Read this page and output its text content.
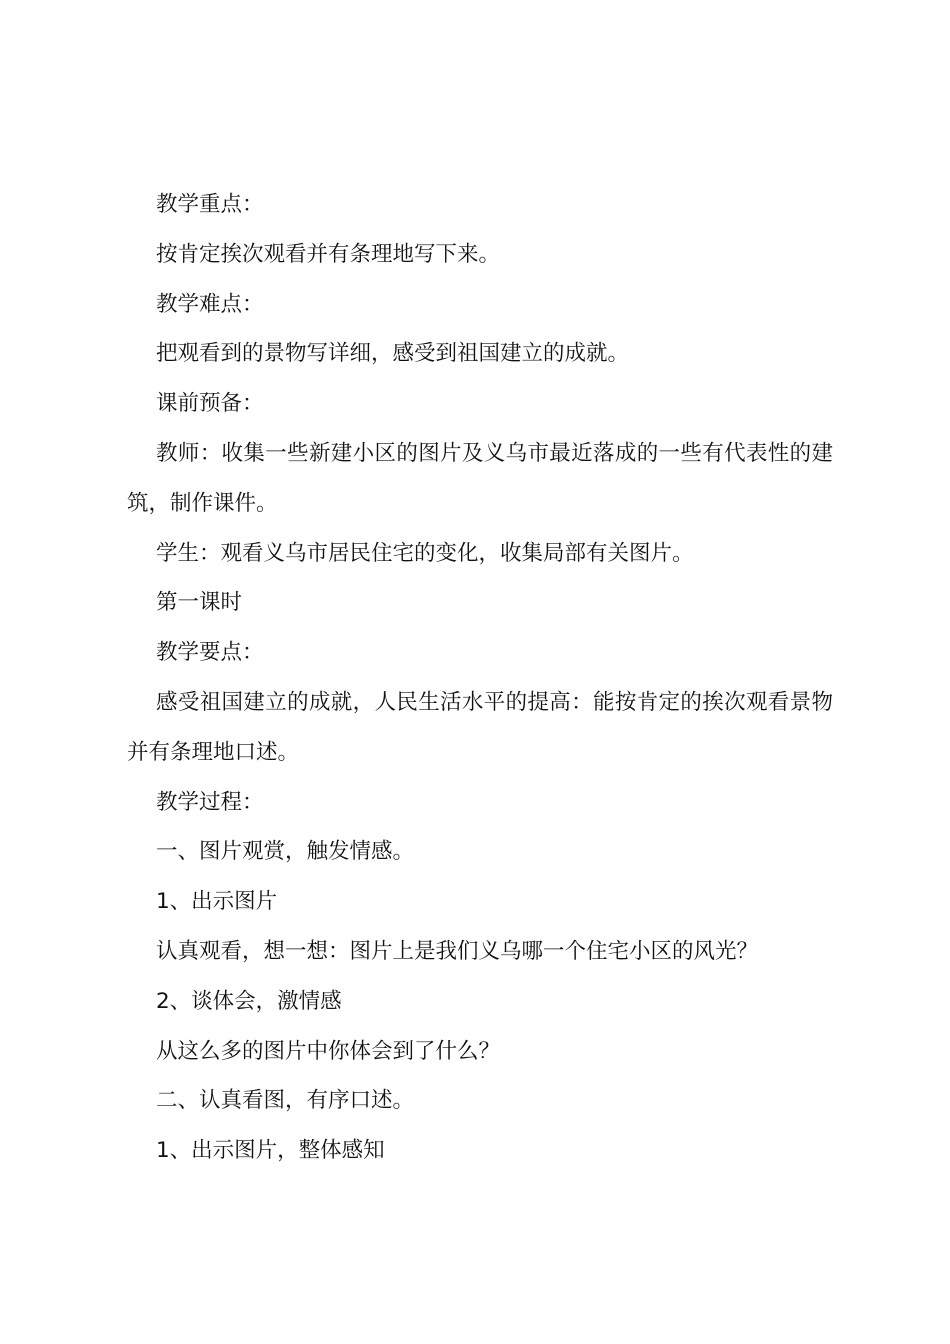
教学重点：

按肯定挨次观看并有条理地写下来。

教学难点：

把观看到的景物写详细，感受到祖国建立的成就。

课前预备：

教师：收集一些新建小区的图片及义乌市最近落成的一些有代表性的建筑，制作课件。

学生：观看义乌市居民住宅的变化，收集局部有关图片。

第一课时

教学要点：

感受祖国建立的成就，人民生活水平的提高：能按肯定的挨次观看景物并有条理地口述。

教学过程：

一、图片观赏，触发情感。

1、出示图片

认真观看，想一想：图片上是我们义乌哪一个住宅小区的风光？

2、谈体会，激情感

从这么多的图片中你体会到了什么？

二、认真看图，有序口述。

1、出示图片，整体感知
